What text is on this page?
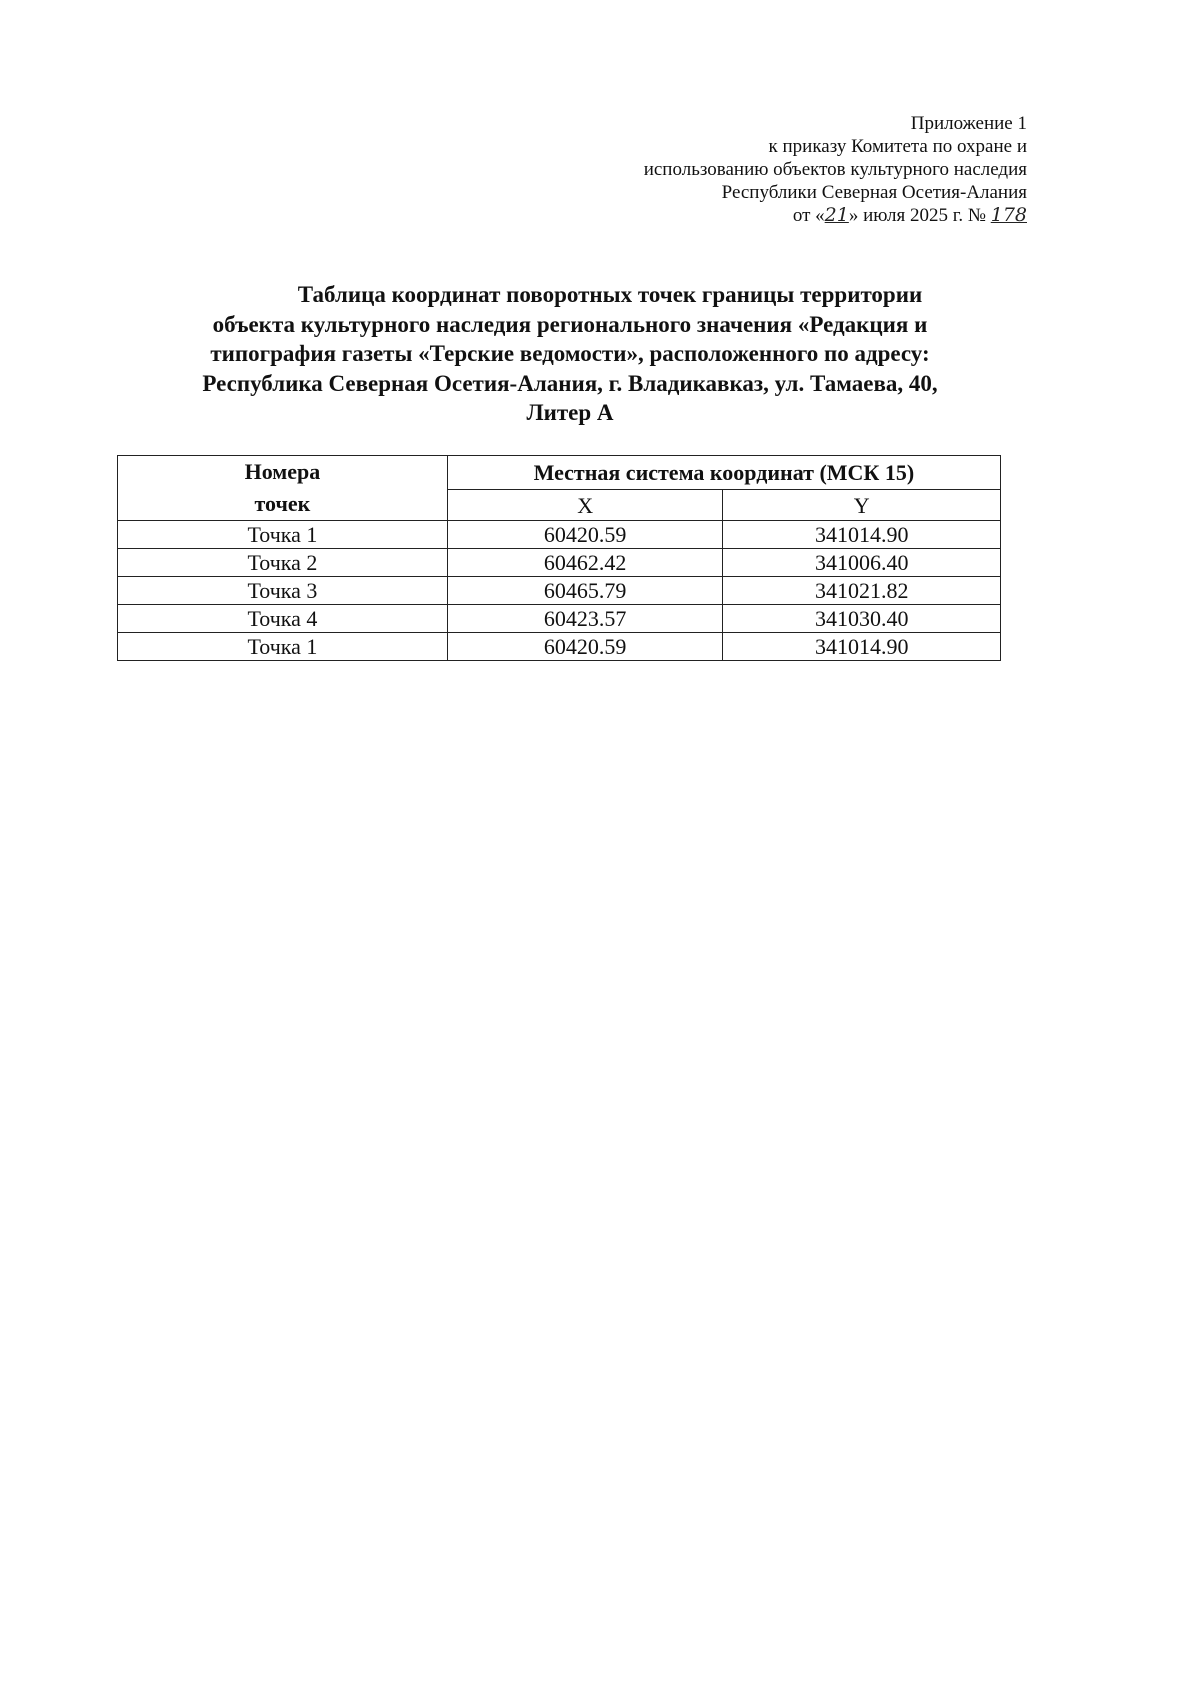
Приложение 1
к приказу Комитета по охране и
использованию объектов культурного наследия
Республики Северная Осетия-Алания
от «21» июля 2025 г. № 178
Таблица координат поворотных точек границы территории
объекта культурного наследия регионального значения «Редакция и
типография газеты «Терские ведомости», расположенного по адресу:
Республика Северная Осетия-Алания, г. Владикавказ, ул. Тамаева, 40,
Литер А
Номера точек	Местная система координат (МСК 15)	
	X	Y
Точка 1	60420.59	341014.90
Точка 2	60462.42	341006.40
Точка 3	60465.79	341021.82
Точка 4	60423.57	341030.40
Точка 1	60420.59	341014.90
